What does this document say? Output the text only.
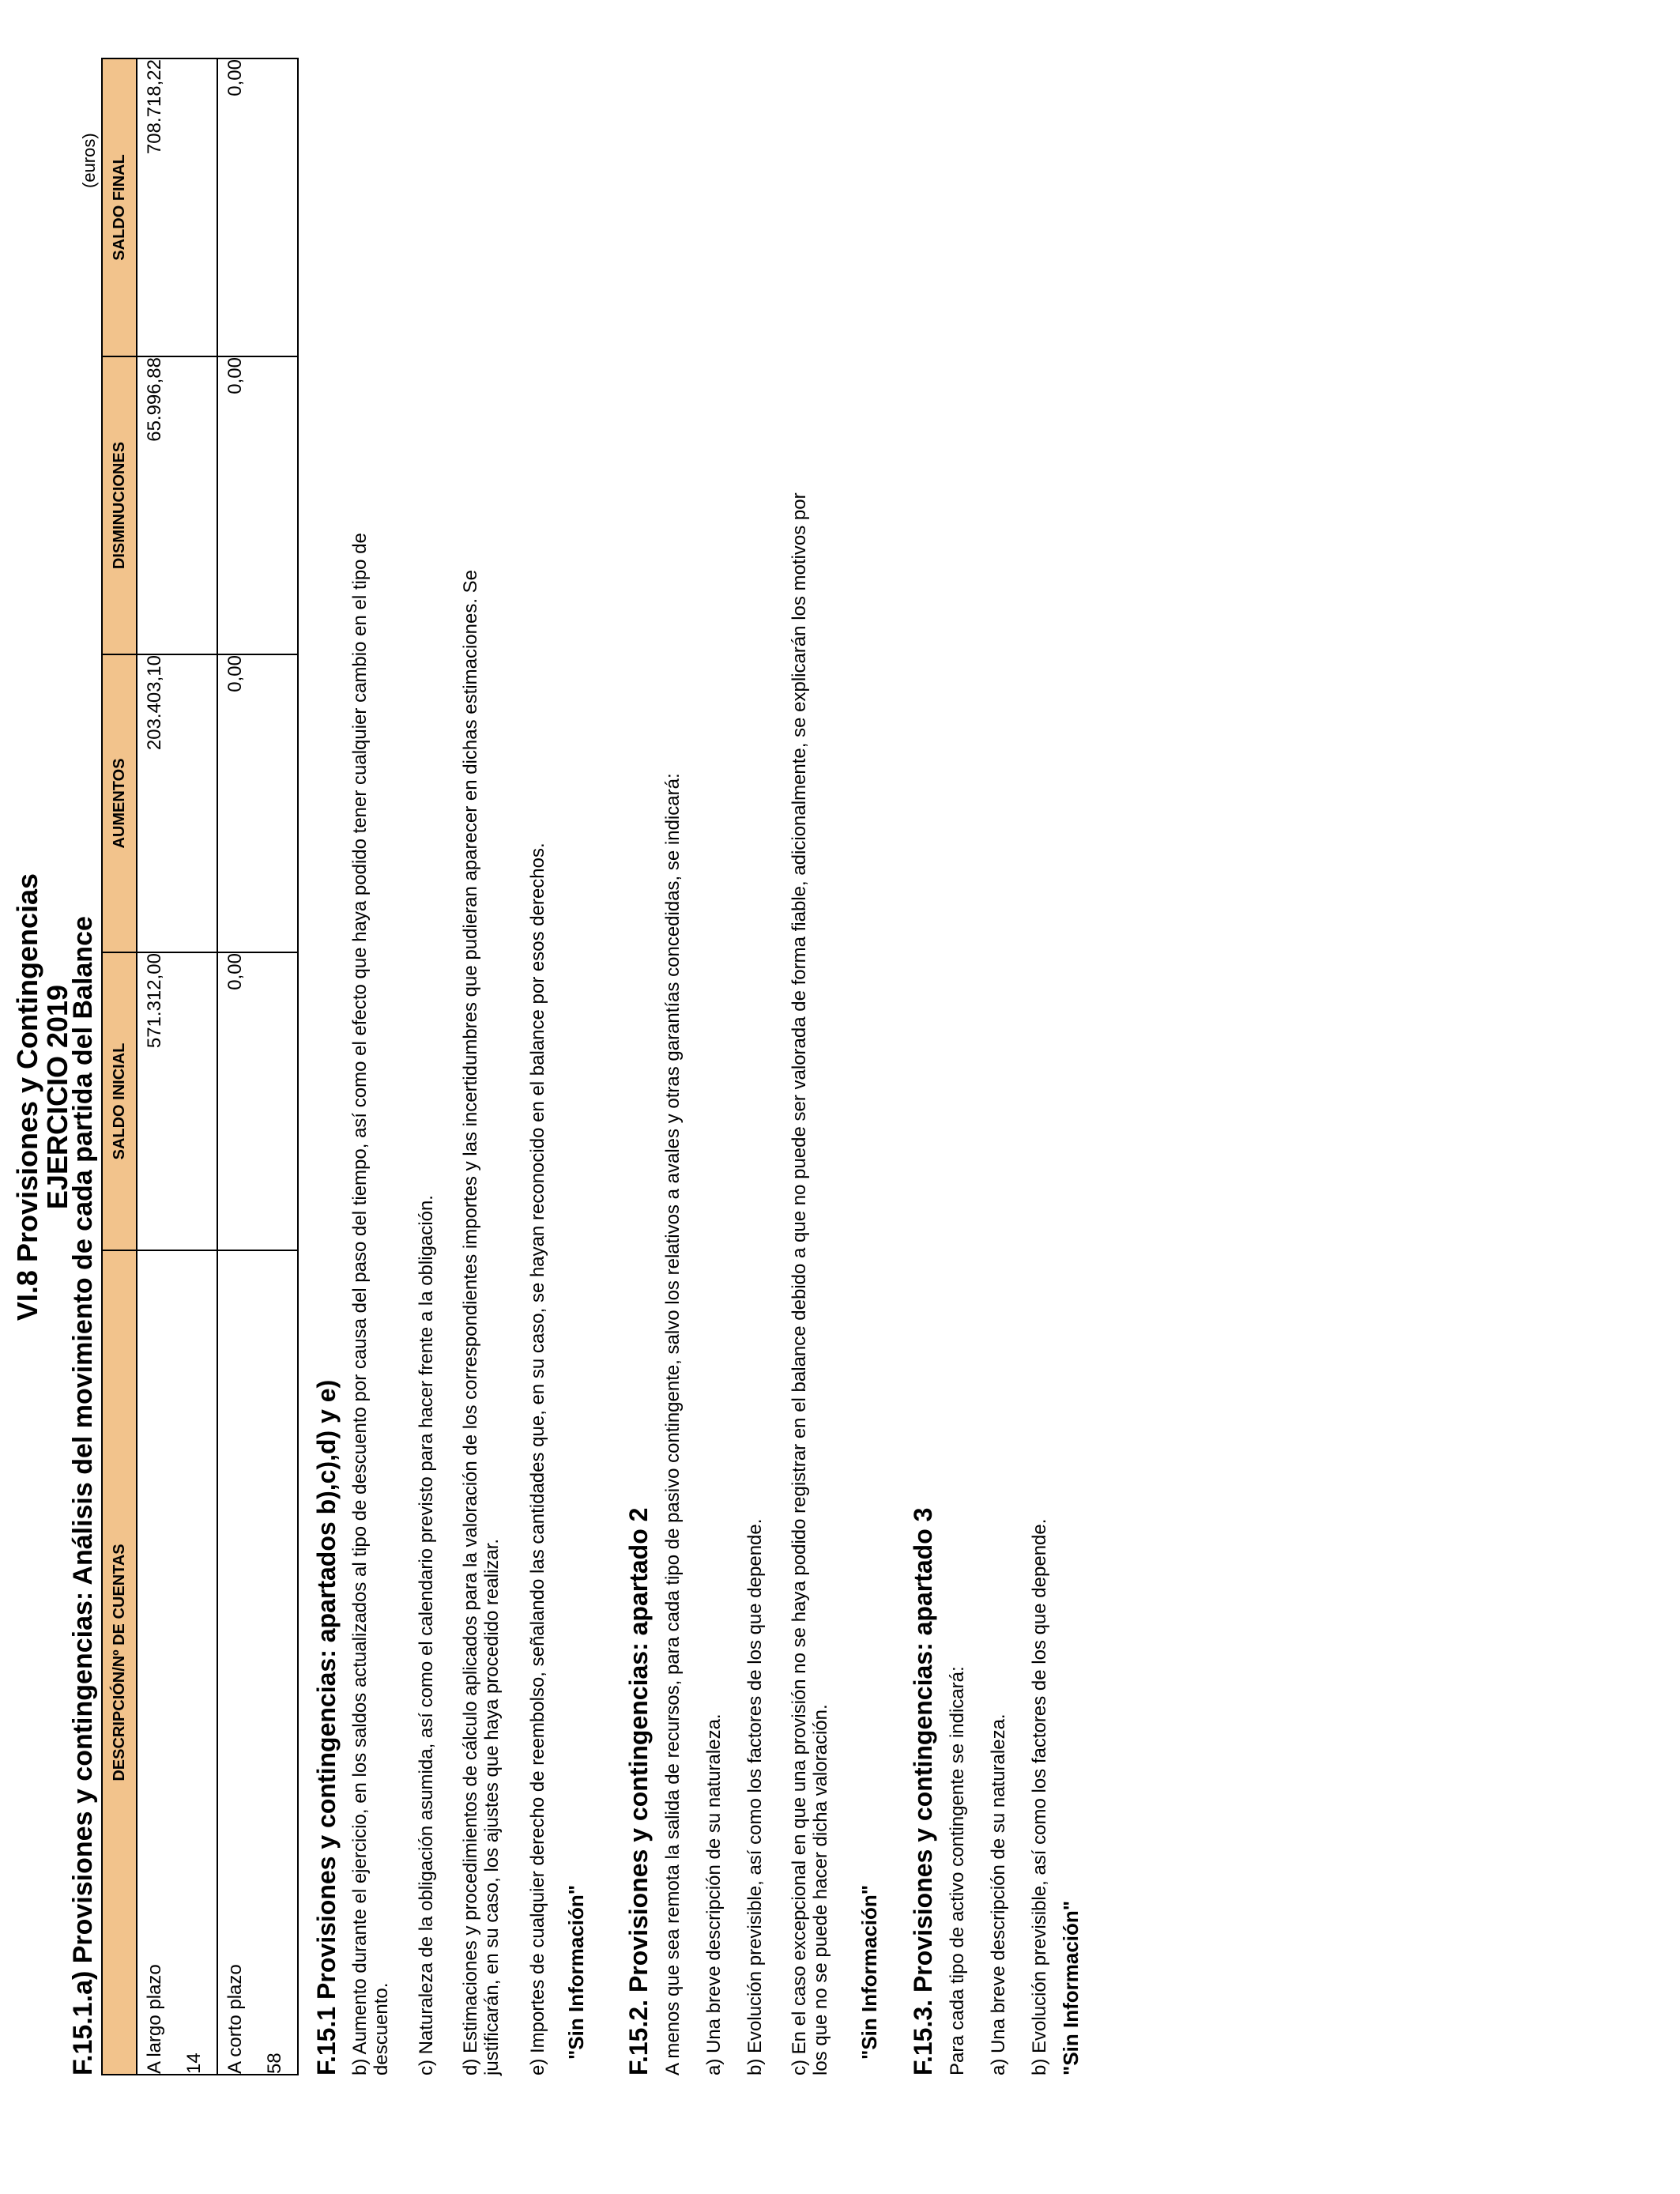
VI.8 Provisiones y Contingencias
EJERCICIO 2019
F.15.1.a) Provisiones y contingencias: Análisis del movimiento de cada partida del Balance
(euros)
DESCRIPCIÓN/Nº DE CUENTAS	SALDO INICIAL	AUMENTOS	DISMINUCIONES	SALDO FINAL

A largo plazo 14	571.312,00	203.403,10	65.996,88	708.718,22

A corto plazo 58	0,00	0,00	0,00	0,00
F.15.1 Provisiones y contingencias: apartados b),c),d) y e) b) Aumento durante el ejercicio, en los saldos actualizados al tipo de descuento por causa del paso del tiempo, así como el efecto que haya podido tener cualquier cambio en el tipo de descuento. c) Naturaleza de la obligación asumida, así como el calendario previsto para hacer frente a la obligación. d) Estimaciones y procedimientos de cálculo aplicados para la valoración de los correspondientes importes y las incertidumbres que pudieran aparecer en dichas estimaciones. Se justificarán, en su caso, los ajustes que haya procedido realizar. e) Importes de cualquier derecho de reembolso, señalando las cantidades que, en su caso, se hayan reconocido en el balance por esos derechos. "Sin Información" F.15.2. Provisiones y contingencias: apartado 2 A menos que sea remota la salida de recursos, para cada tipo de pasivo contingente, salvo los relativos a avales y otras garantías concedidas, se indicará: a) Una breve descripción de su naturaleza. b) Evolución previsible, así como los factores de los que depende. c) En el caso excepcional en que una provisión no se haya podido registrar en el balance debido a que no puede ser valorada de forma fiable, adicionalmente, se explicarán los motivos por los que no se puede hacer dicha valoración. "Sin Información" F.15.3. Provisiones y contingencias: apartado 3 Para cada tipo de activo contingente se indicará: a) Una breve descripción de su naturaleza. b) Evolución previsible, así como los factores de los que depende. "Sin Información"
